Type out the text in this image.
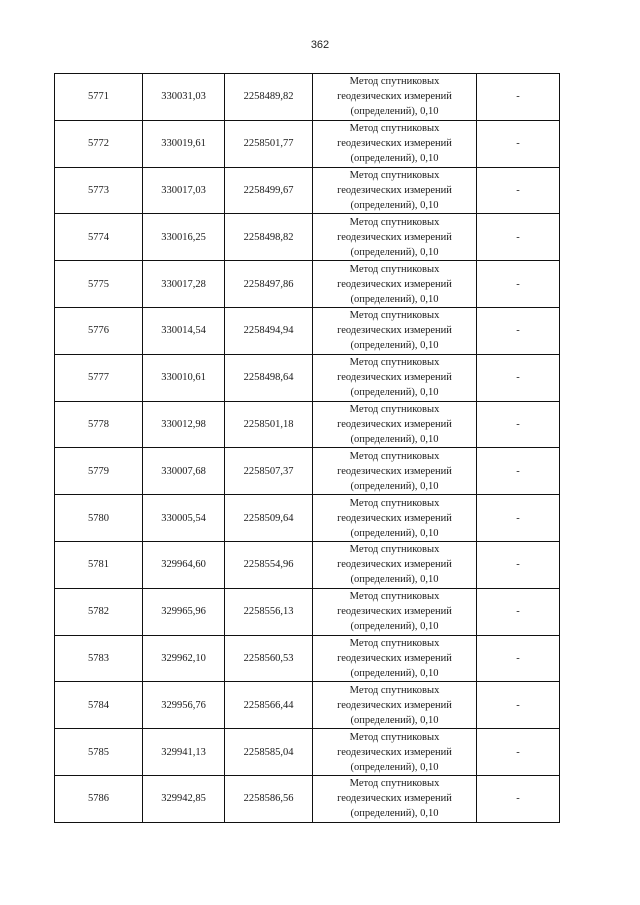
362
5771	330031,03	2258489,82	Метод спутниковых
геодезических измерений
(определений), 0,10	-
5772	330019,61	2258501,77	Метод спутниковых
геодезических измерений
(определений), 0,10	-
5773	330017,03	2258499,67	Метод спутниковых
геодезических измерений
(определений), 0,10	-
5774	330016,25	2258498,82	Метод спутниковых
геодезических измерений
(определений), 0,10	-
5775	330017,28	2258497,86	Метод спутниковых
геодезических измерений
(определений), 0,10	-
5776	330014,54	2258494,94	Метод спутниковых
геодезических измерений
(определений), 0,10	-
5777	330010,61	2258498,64	Метод спутниковых
геодезических измерений
(определений), 0,10	-
5778	330012,98	2258501,18	Метод спутниковых
геодезических измерений
(определений), 0,10	-
5779	330007,68	2258507,37	Метод спутниковых
геодезических измерений
(определений), 0,10	-
5780	330005,54	2258509,64	Метод спутниковых
геодезических измерений
(определений), 0,10	-
5781	329964,60	2258554,96	Метод спутниковых
геодезических измерений
(определений), 0,10	-
5782	329965,96	2258556,13	Метод спутниковых
геодезических измерений
(определений), 0,10	-
5783	329962,10	2258560,53	Метод спутниковых
геодезических измерений
(определений), 0,10	-
5784	329956,76	2258566,44	Метод спутниковых
геодезических измерений
(определений), 0,10	-
5785	329941,13	2258585,04	Метод спутниковых
геодезических измерений
(определений), 0,10	-
5786	329942,85	2258586,56	Метод спутниковых
геодезических измерений
(определений), 0,10	-
